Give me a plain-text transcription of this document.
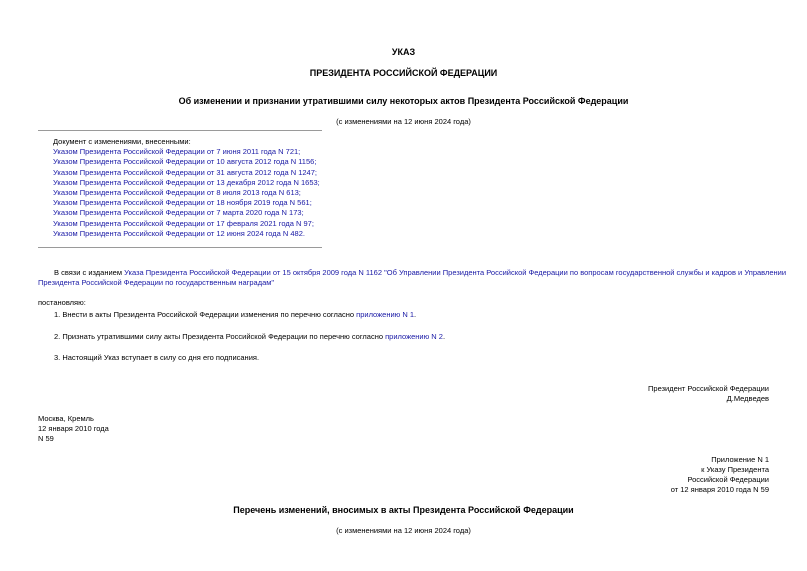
УКАЗ
ПРЕЗИДЕНТА РОССИЙСКОЙ ФЕДЕРАЦИИ
Об изменении и признании утратившими силу некоторых актов Президента Российской Федерации
(с изменениями на 12 июня 2024 года)
Документ с изменениями, внесенными:
Указом Президента Российской Федерации от 7 июня 2011 года N 721;
Указом Президента Российской Федерации от 10 августа 2012 года N 1156;
Указом Президента Российской Федерации от 31 августа 2012 года N 1247;
Указом Президента Российской Федерации от 13 декабря 2012 года N 1653;
Указом Президента Российской Федерации от 8 июля 2013 года N 613;
Указом Президента Российской Федерации от 18 ноября 2019 года N 561;
Указом Президента Российской Федерации от 7 марта 2020 года N 173;
Указом Президента Российской Федерации от 17 февраля 2021 года N 97;
Указом Президента Российской Федерации от 12 июня 2024 года N 482.
В связи с изданием Указа Президента Российской Федерации от 15 октября 2009 года N 1162 "Об Управлении Президента Российской Федерации по вопросам государственной службы и кадров и Управлении
Президента Российской Федерации по государственным наградам"
постановляю:
1. Внести в акты Президента Российской Федерации изменения по перечню согласно приложению N 1.
2. Признать утратившими силу акты Президента Российской Федерации по перечню согласно приложению N 2.
3. Настоящий Указ вступает в силу со дня его подписания.
Президент Российской Федерации
Д.Медведев
Москва, Кремль
12 января 2010 года
N 59
Приложение N 1
к Указу Президента
Российской Федерации
от 12 января 2010 года N 59
Перечень изменений, вносимых в акты Президента Российской Федерации
(с изменениями на 12 июня 2024 года)
